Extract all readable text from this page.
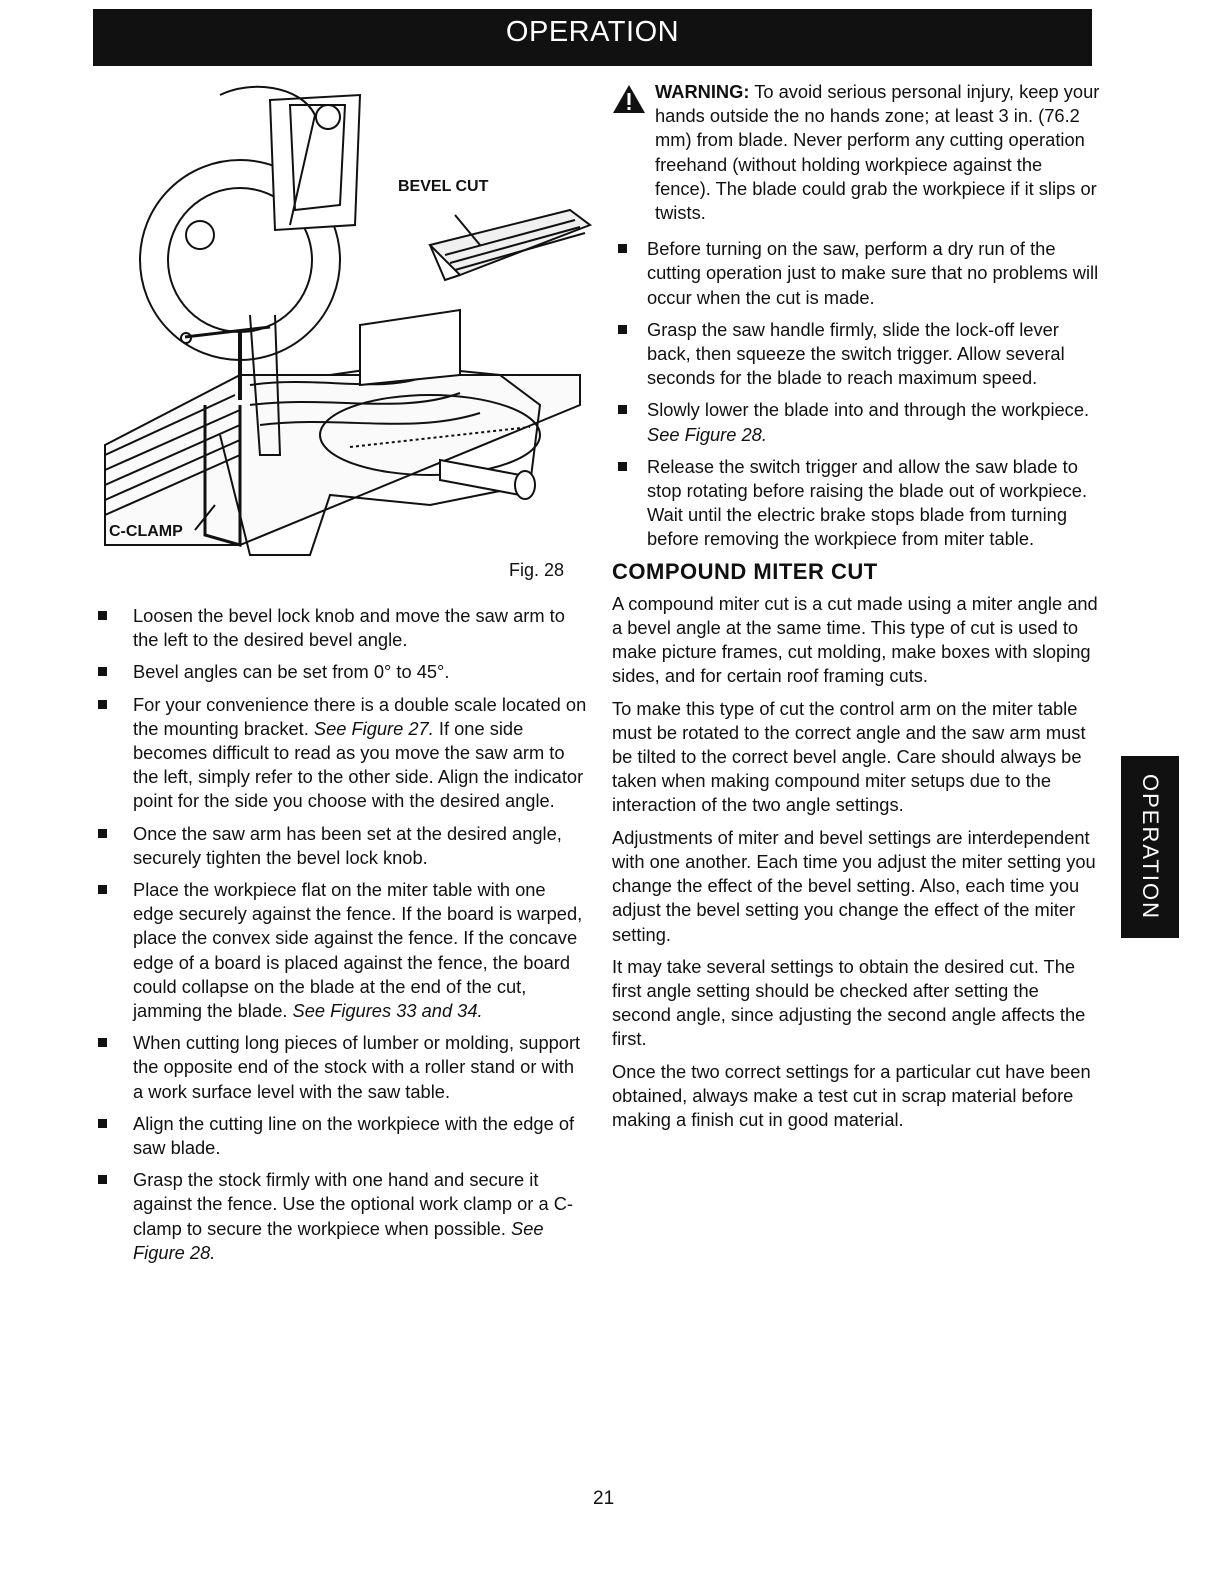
OPERATION
BEVEL CUT
C-CLAMP
Fig. 28
Loosen the bevel lock knob and move the saw arm to the left to the desired bevel angle.
Bevel angles can be set from 0° to 45°.
For your convenience there is a double scale located on the mounting bracket. See Figure 27. If one side becomes difficult to read as you move the saw arm to the left, simply refer to the other side. Align the indicator point for the side you choose with the desired angle.
Once the saw arm has been set at the desired angle, securely tighten the bevel lock knob.
Place the workpiece flat on the miter table with one edge securely against the fence. If the board is warped, place the convex side against the fence. If the concave edge of a board is placed against the fence, the board could collapse on the blade at the end of the cut, jamming the blade. See Figures 33 and 34.
When cutting long pieces of lumber or molding, support the opposite end of the stock with a roller stand or with a work surface level with the saw table.
Align the cutting line on the workpiece with the edge of saw blade.
Grasp the stock firmly with one hand and secure it against the fence. Use the optional work clamp or a C-clamp to secure the workpiece when possible. See Figure 28.
WARNING: To avoid serious personal injury, keep your hands outside the no hands zone; at least 3 in. (76.2 mm) from blade. Never perform any cutting operation freehand (without holding workpiece against the fence). The blade could grab the workpiece if it slips or twists.
Before turning on the saw, perform a dry run of the cutting operation just to make sure that no problems will occur when the cut is made.
Grasp the saw handle firmly, slide the lock-off lever back, then squeeze the switch trigger. Allow several seconds for the blade to reach maximum speed.
Slowly lower the blade into and through the workpiece. See Figure 28.
Release the switch trigger and allow the saw blade to stop rotating before raising the blade out of workpiece. Wait until the electric brake stops blade from turning before removing the workpiece from miter table.
COMPOUND MITER CUT

A compound miter cut is a cut made using a miter angle and a bevel angle at the same time. This type of cut is used to make picture frames, cut molding, make boxes with sloping sides, and for certain roof framing cuts.

To make this type of cut the control arm on the miter table must be rotated to the correct angle and the saw arm must be tilted to the correct bevel angle. Care should always be taken when making compound miter setups due to the interaction of the two angle settings.

Adjustments of miter and bevel settings are interdependent with one another. Each time you adjust the miter setting you change the effect of the bevel setting. Also, each time you adjust the bevel setting you change the effect of the miter setting.

It may take several settings to obtain the desired cut. The first angle setting should be checked after setting the second angle, since adjusting the second angle affects the first.

Once the two correct settings for a particular cut have been obtained, always make a test cut in scrap material before making a finish cut in good material.

OPERATION
21
